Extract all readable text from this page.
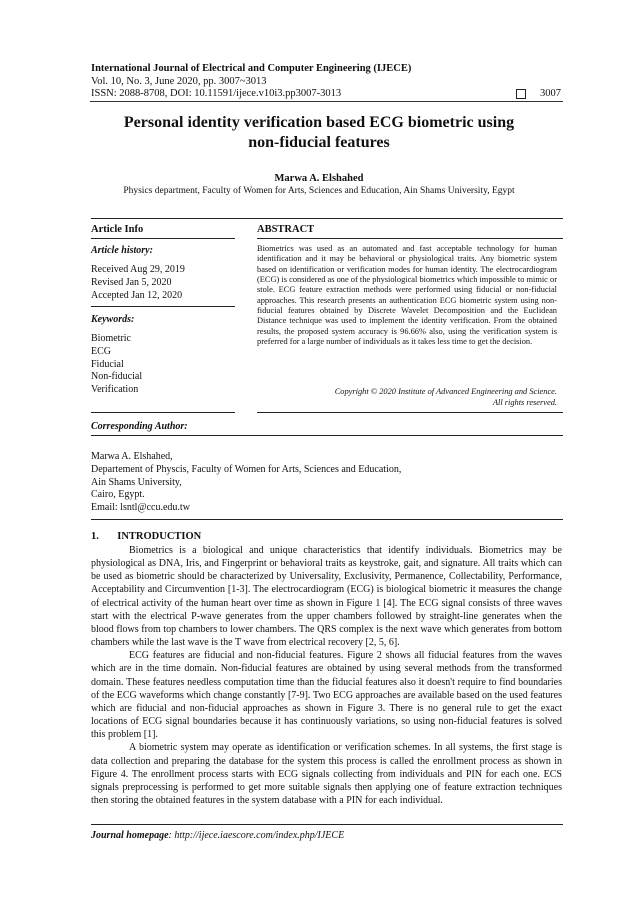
International Journal of Electrical and Computer Engineering (IJECE)
Vol. 10, No. 3, June 2020, pp. 3007~3013
ISSN: 2088-8708, DOI: 10.11591/ijece.v10i3.pp3007-3013	3007
Personal identity verification based ECG biometric using
non-fiducial features
Marwa A. Elshahed
Physics department, Faculty of Women for Arts, Sciences and Education, Ain Shams University, Egypt
Article Info
Article history:
Received Aug 29, 2019
Revised Jan 5, 2020
Accepted Jan 12, 2020
Keywords:
Biometric
ECG
Fiducial
Non-fiducial
Verification
ABSTRACT
Biometrics was used as an automated and fast acceptable technology for human identification and it may be behavioral or physiological traits. Any biometric system based on identification or verification modes for human identity. The electrocardiogram (ECG) is considered as one of the physiological biometrics which impossible to mimic or stole. ECG feature extraction methods were performed using fiducial or non-fiducial approaches. This research presents an authentication ECG biometric system using non-fiducial features obtained by Discrete Wavelet Decomposition and the Euclidean Distance technique was used to implement the identity verification. From the obtained results, the proposed system accuracy is 96.66% also, using the verification system is preferred for a large number of individuals as it takes less time to get the decision.
Copyright © 2020 Institute of Advanced Engineering and Science.
All rights reserved.
Corresponding Author:
Marwa A. Elshahed,
Departement of Physcis, Faculty of Women for Arts, Sciences and Education,
Ain Shams University,
Cairo, Egypt.
Email: lsntl@ccu.edu.tw
1.       INTRODUCTION

Biometrics is a biological and unique characteristics that identify individuals. Biometrics may be physiological as DNA, Iris, and Fingerprint or behavioral traits as keystroke, gait, and signature. All traits which can be used as biometric should be characterized by Universality, Exclusivity, Permanence, Collectability, Performance, Acceptability and Circumvention [1-3]. The electrocardiogram (ECG) is biological biometric it measures the change of electrical activity of the human heart over time as shown in Figure 1 [4]. The ECG signal consists of three waves start with the electrical P-wave generates from the upper chambers followed by straight-line generates when the blood flows from top chambers to lower chambers. The QRS complex is the next wave which generates from bottom chambers while the last wave is the T wave from electrical recovery [2, 5, 6].

ECG features are fiducial and non-fiducial features. Figure 2 shows all fiducial features from the waves which are in the time domain. Non-fiducial features are obtained by using several methods from the transformed domain. These features needless computation time than the fiducial features also it doesn't require to find boundaries of the ECG waveforms which change constantly [7-9]. Two ECG approaches are available based on the used features which are fiducial and non-fiducial approaches as shown in Figure 3. There is no general rule to get the exact locations of ECG signal boundaries because it has continuously variations, so using non-fiducial features is solved this problem [1].

A biometric system may operate as identification or verification schemes. In all systems, the first stage is data collection and preparing the database for the system this process is called the enrollment process as shown in Figure 4. The enrollment process starts with ECG signals collecting from individuals and PIN for each one. ECS signals preprocessing is performed to get more suitable signals then applying one of feature extraction techniques then storing the obtained features in the system database with a PIN for each individual.

Journal homepage: http://ijece.iaescore.com/index.php/IJECE
